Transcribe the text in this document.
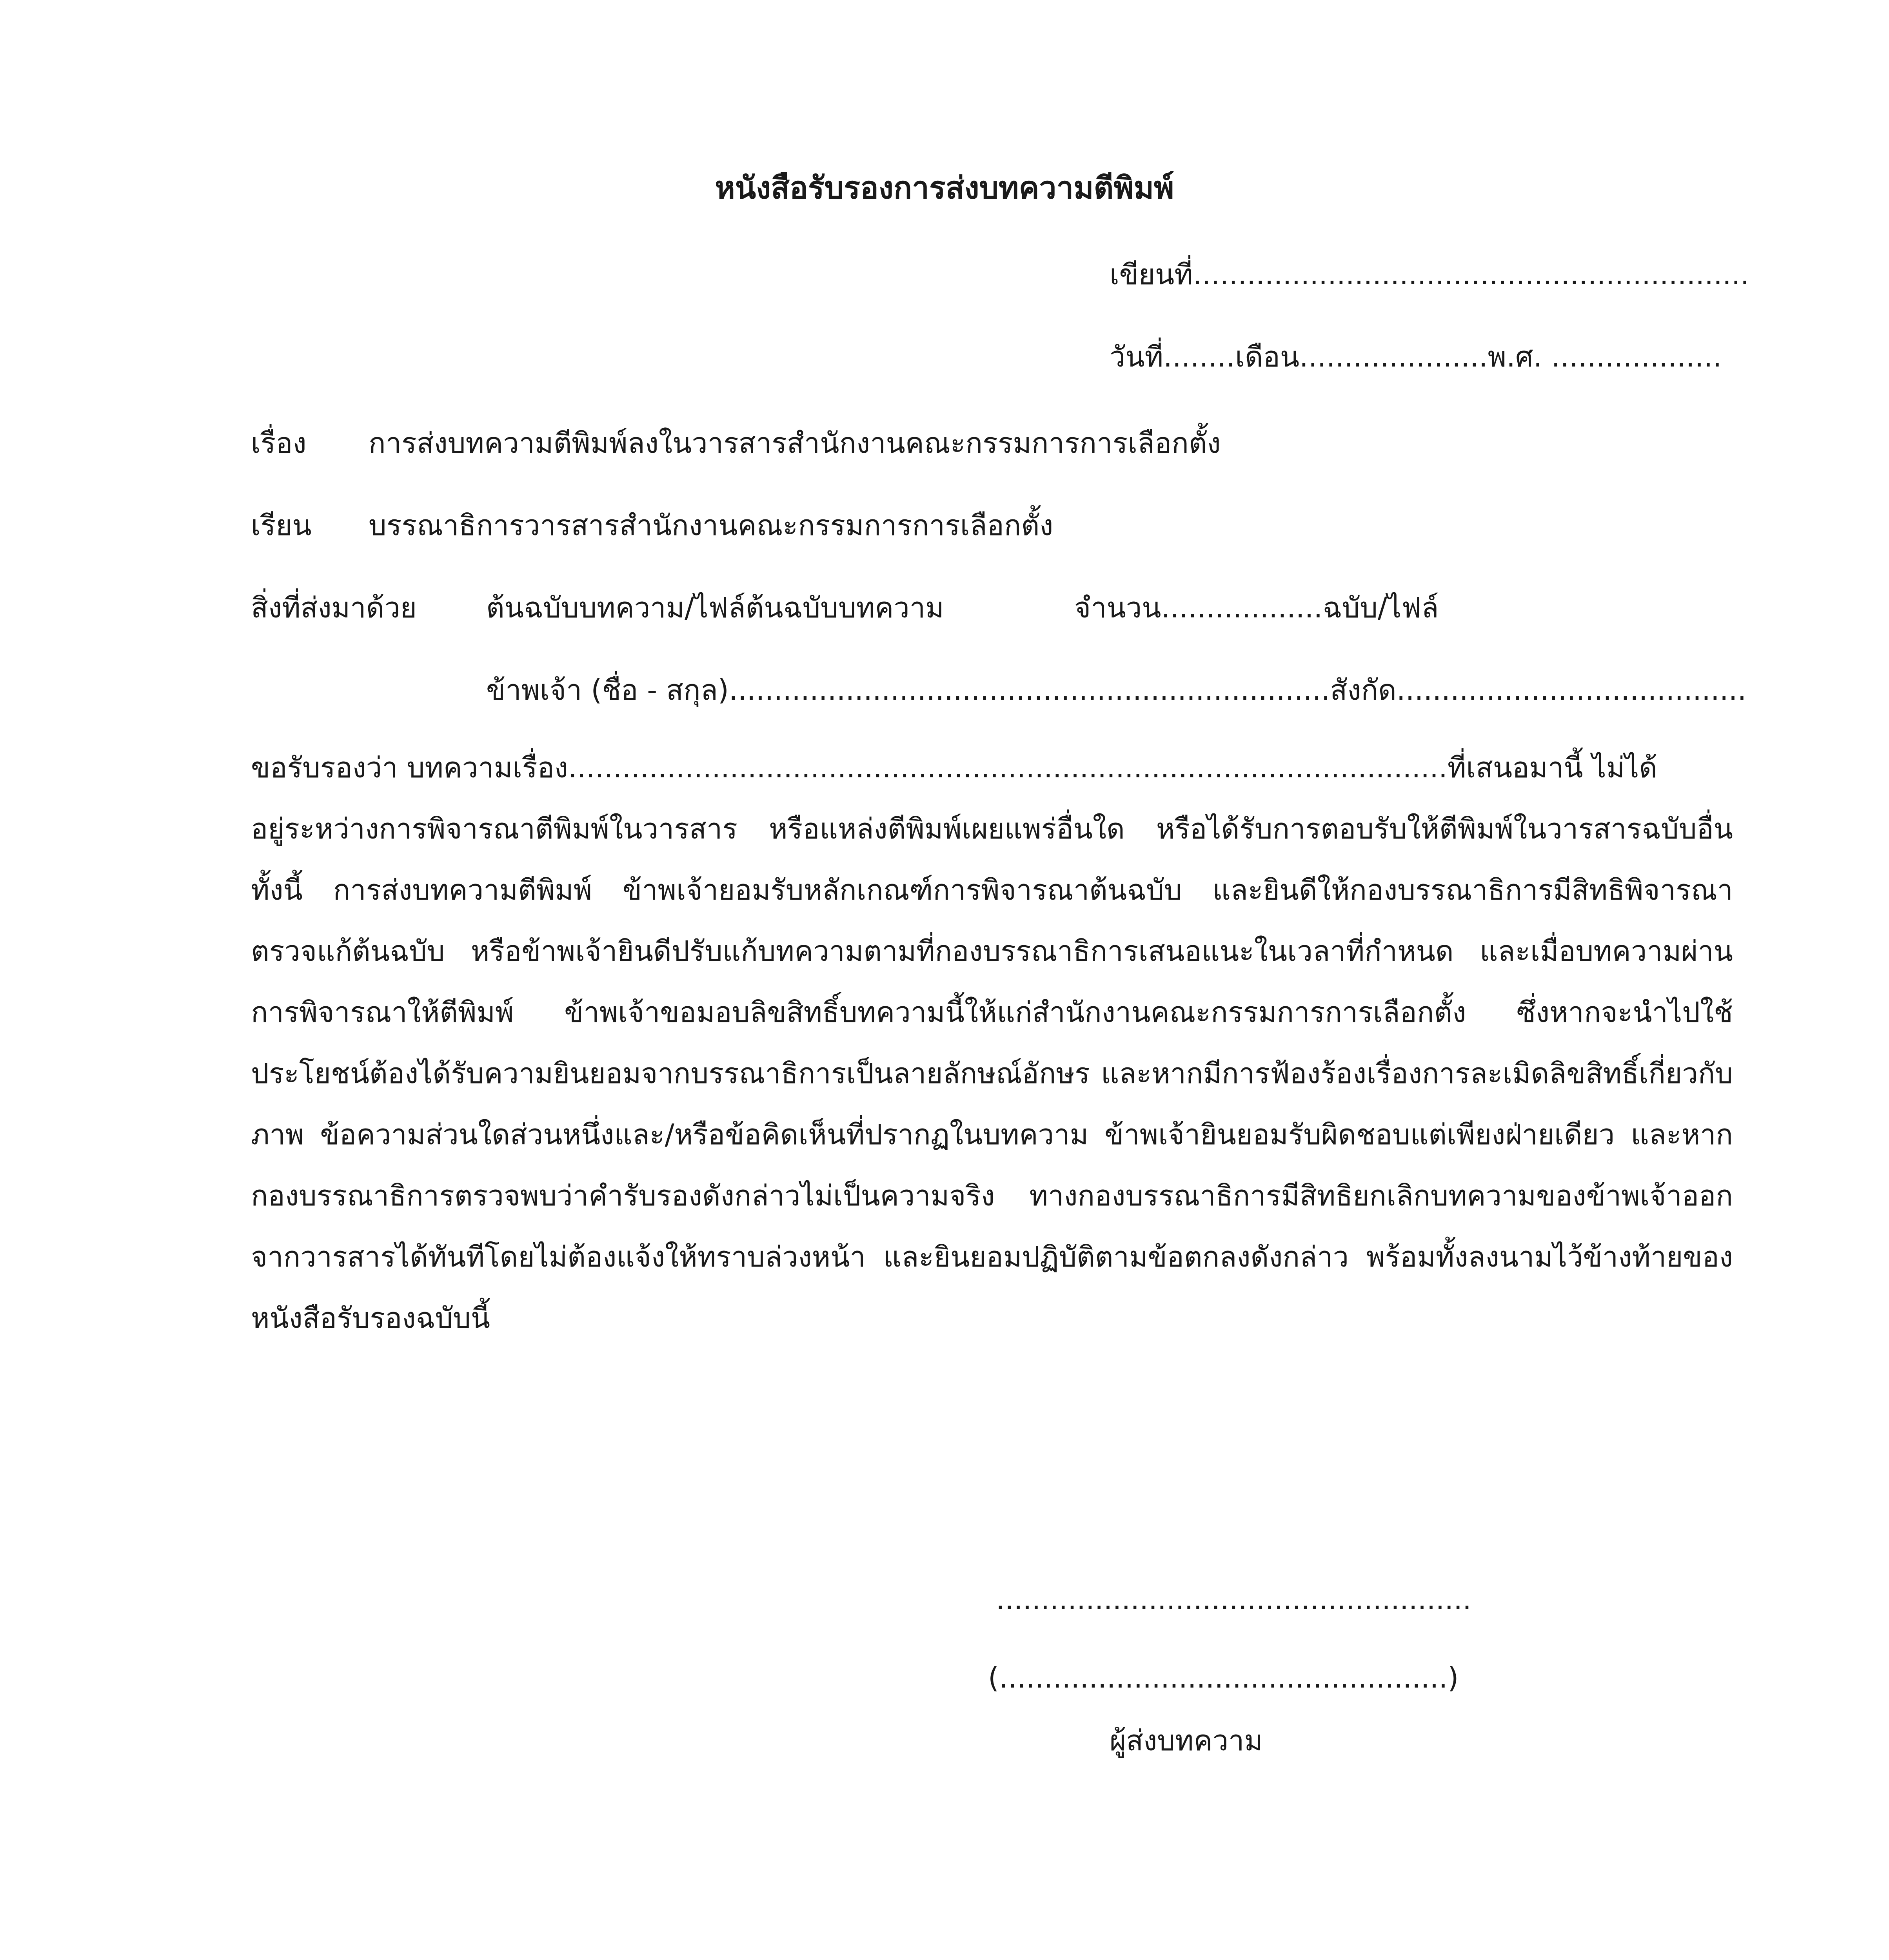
หนังสือรับรองการส่งบทความตีพิมพ์
เขียนที่..............................................................
วันที่........เดือน.....................พ.ศ. ...................
เรื่อง การส่งบทความตีพิมพ์ลงในวารสารสำนักงานคณะกรรมการการเลือกตั้ง
เรียน บรรณาธิการวารสารสำนักงานคณะกรรมการการเลือกตั้ง
สิ่งที่ส่งมาด้วย ต้นฉบับบทความ/ไฟล์ต้นฉบับบทความ	จำนวน..................ฉบับ/ไฟล์
ข้าพเจ้า (ชื่อ - สกุล)...................................................................สังกัด.......................................
ขอรับรองว่า บทความเรื่อง..................................................................................................ที่เสนอมานี้ ไม่ได้
อยู่ระหว่างการพิจารณาตีพิมพ์ในวารสาร หรือแหล่งตีพิมพ์เผยแพร่อื่นใด หรือได้รับการตอบรับให้ตีพิมพ์ในวารสารฉบับอื่น ทั้งนี้ การส่งบทความตีพิมพ์ ข้าพเจ้ายอมรับหลักเกณฑ์การพิจารณาต้นฉบับ และยินดีให้กองบรรณาธิการมีสิทธิพิจารณาตรวจแก้ต้นฉบับ หรือข้าพเจ้ายินดีปรับแก้บทความตามที่กองบรรณาธิการเสนอแนะในเวลาที่กำหนด และเมื่อบทความผ่านการพิจารณาให้ตีพิมพ์ ข้าพเจ้าขอมอบลิขสิทธิ์บทความนี้ให้แก่สำนักงานคณะกรรมการการเลือกตั้ง ซึ่งหากจะนำไปใช้ประโยชน์ต้องได้รับความยินยอมจากบรรณาธิการเป็นลายลักษณ์อักษร และหากมีการฟ้องร้องเรื่องการละเมิดลิขสิทธิ์เกี่ยวกับภาพ ข้อความส่วนใดส่วนหนึ่งและ/หรือข้อคิดเห็นที่ปรากฏในบทความ ข้าพเจ้ายินยอมรับผิดชอบแต่เพียงฝ่ายเดียว และหากกองบรรณาธิการตรวจพบว่าคำรับรองดังกล่าวไม่เป็นความจริง ทางกองบรรณาธิการมีสิทธิยกเลิกบทความของข้าพเจ้าออกจากวารสารได้ทันทีโดยไม่ต้องแจ้งให้ทราบล่วงหน้า และยินยอมปฏิบัติตามข้อตกลงดังกล่าว พร้อมทั้งลงนามไว้ข้างท้ายของหนังสือรับรองฉบับนี้
.....................................................
(..................................................)
ผู้ส่งบทความ
